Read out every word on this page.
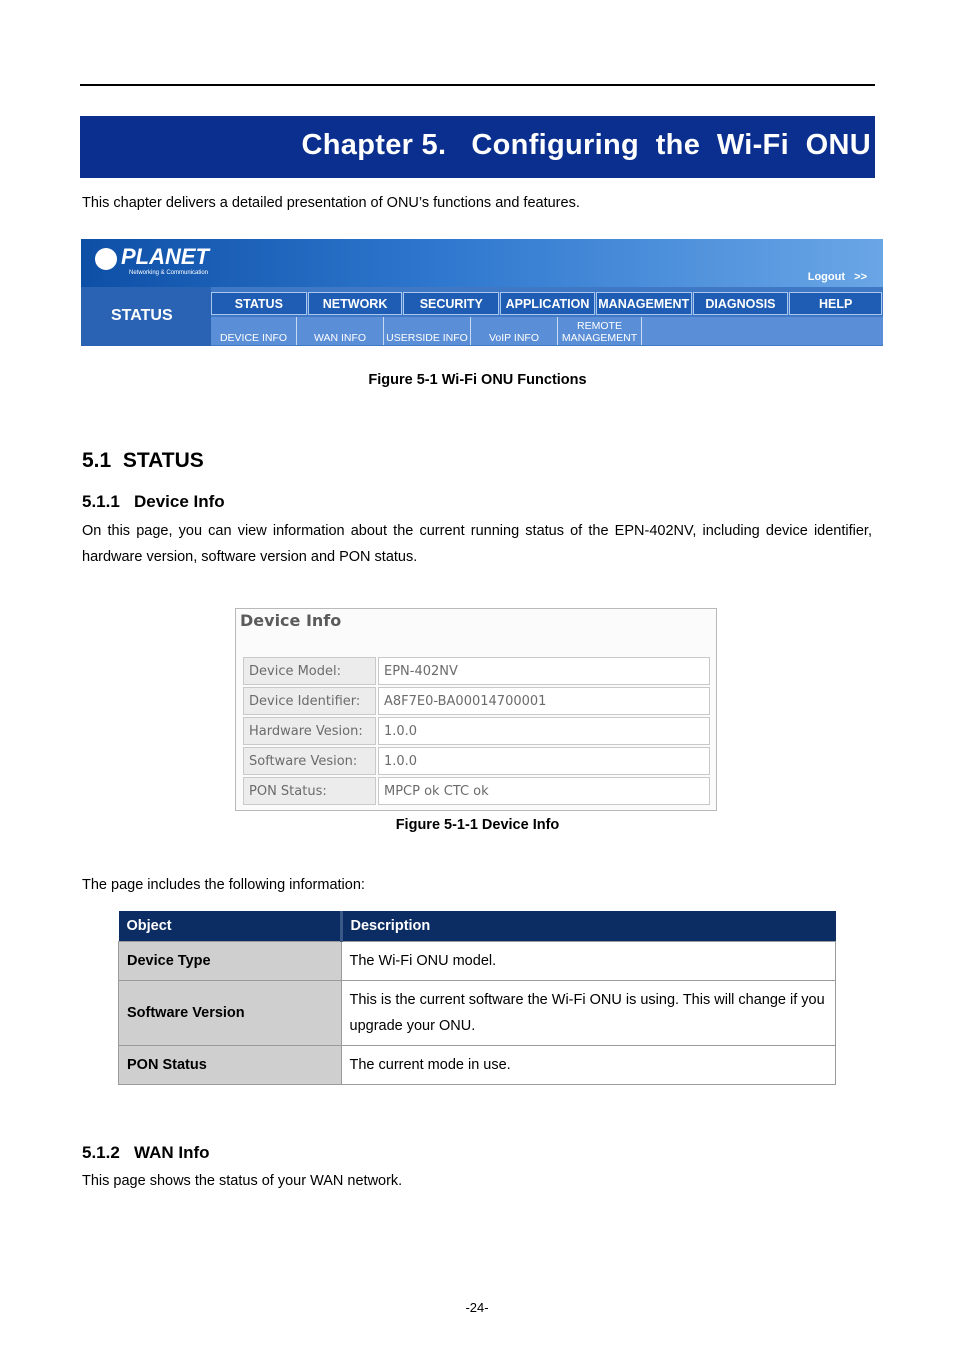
Chapter 5.   Configuring  the  Wi-Fi  ONU
This chapter delivers a detailed presentation of ONU’s functions and features.
PLANET
Networking & Communication	Logout   >>
STATUS
STATUS	NETWORK	SECURITY	APPLICATION MANAGEMENT	DIAGNOSIS	HELP
DEVICE INFO	WAN INFO	USERSIDE INFO	VoIP INFO
REMOTE MANAGEMENT
Figure 5-1 Wi-Fi ONU Functions
5.1  STATUS
5.1.1   Device Info
On this page, you can view information about the current running status of the EPN-402NV, including device identifier, hardware version, software version and PON status.
Device Info
Device Model:	EPN-402NV
Device Identifier:	A8F7E0-BA00014700001
Hardware Vesion:	1.0.0
Software Vesion:	1.0.0
PON Status:	MPCP ok CTC ok
Figure 5-1-1 Device Info
The page includes the following information:
Object	Description
Device Type	The Wi-Fi ONU model.
Software Version	This is the current software the Wi-Fi ONU is using. This will change if you upgrade your ONU.
PON Status	The current mode in use.
5.1.2   WAN Info
This page shows the status of your WAN network.
-24-
